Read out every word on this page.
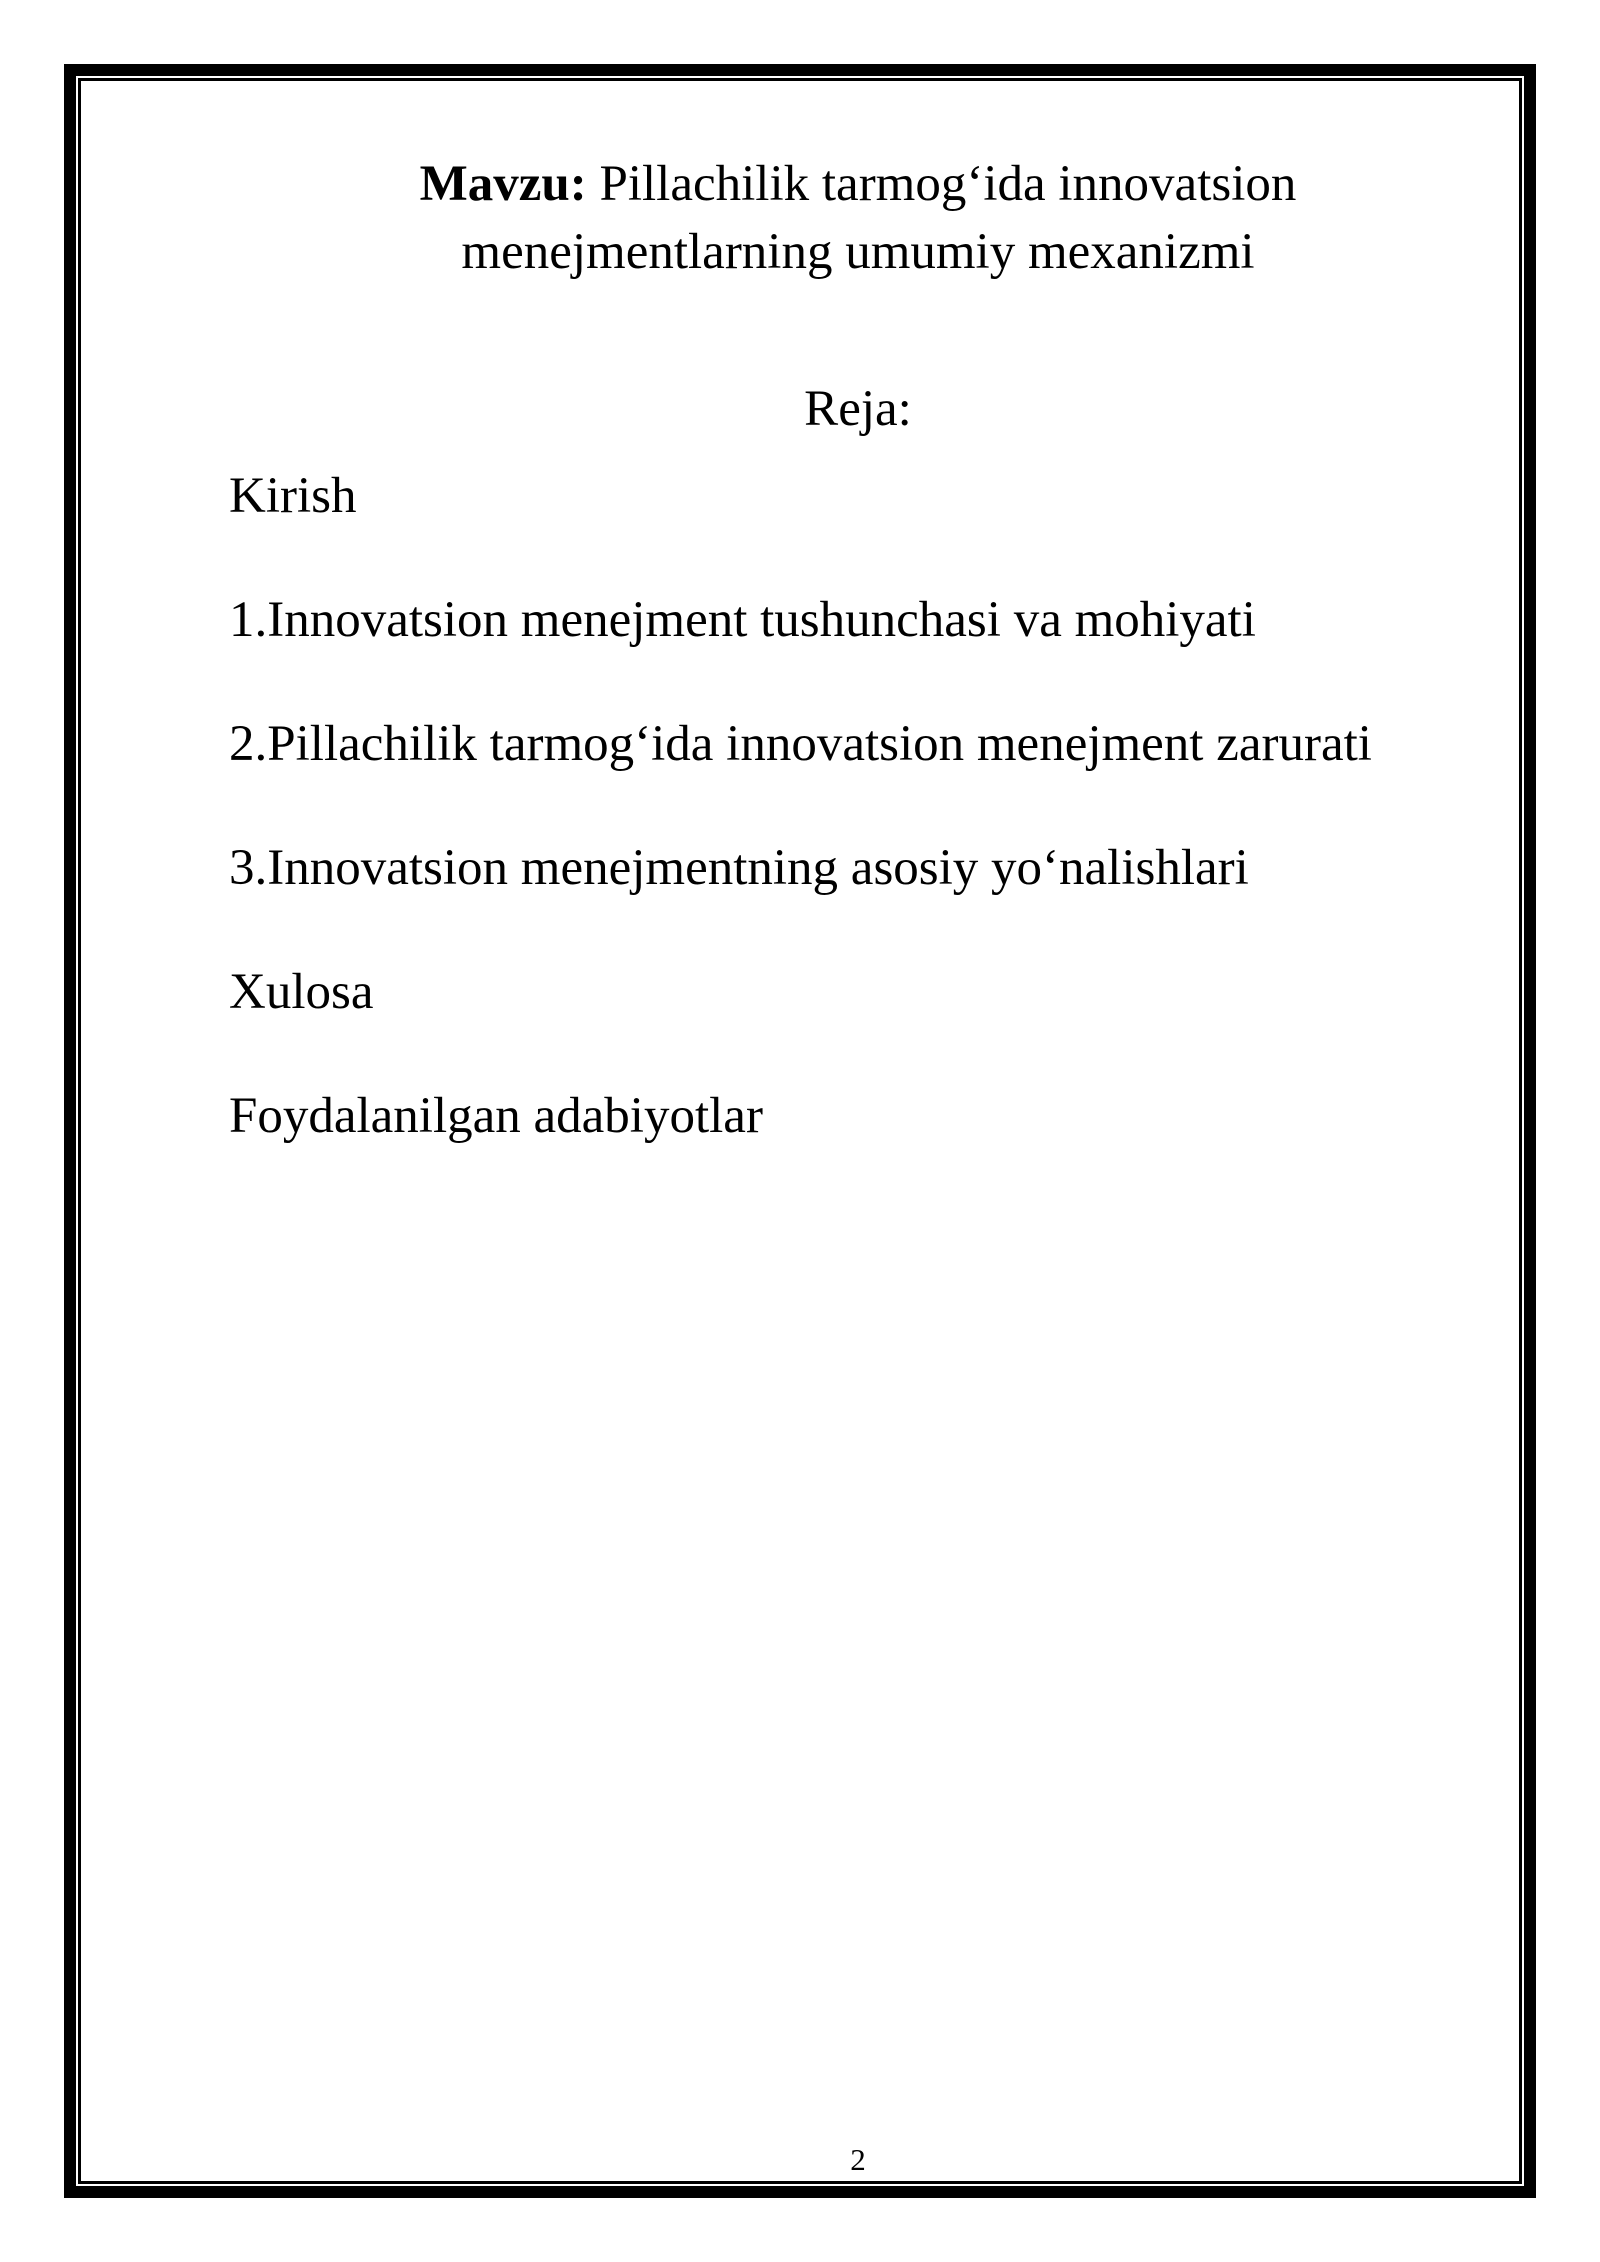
Mavzu: Pillachilik tarmog‘ida innovatsion
menejmentlarning umumiy mexanizmi
Reja:
Kirish
1.Innovatsion menejment tushunchasi va mohiyati
2.Pillachilik tarmog‘ida innovatsion menejment zarurati
3.Innovatsion menejmentning asosiy yo‘nalishlari
Xulosa
Foydalanilgan adabiyotlar
2
